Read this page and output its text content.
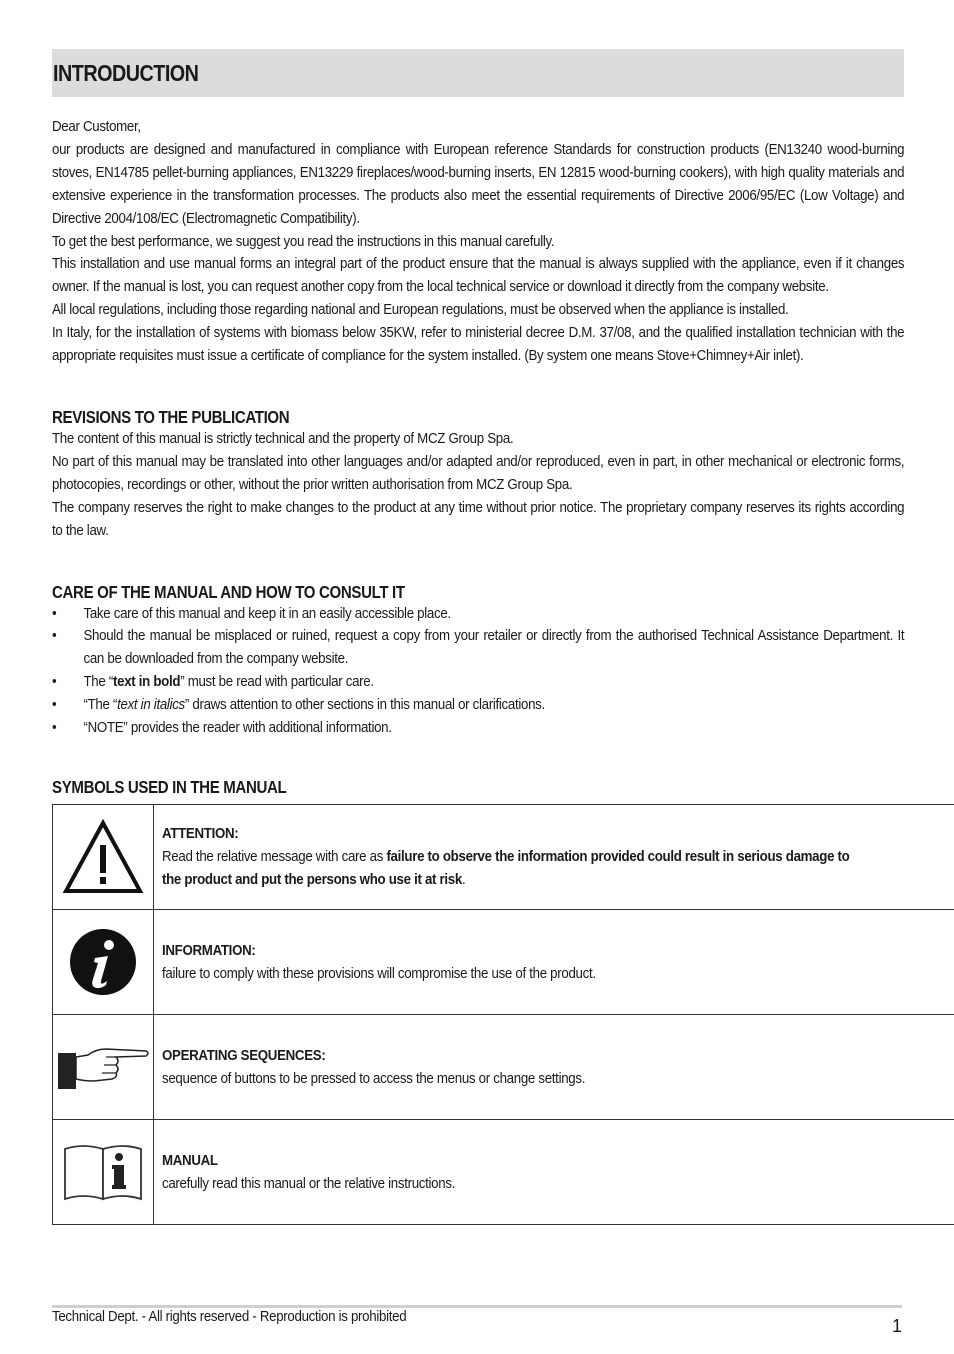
INTRODUCTION

Dear Customer,

our products are designed and manufactured in compliance with European reference Standards for construction products (EN13240 wood-burning stoves, EN14785 pellet-burning appliances, EN13229 fireplaces/wood-burning inserts, EN 12815 wood-burning cookers), with high quality materials and extensive experience in the transformation processes. The products also meet the essential requirements of Directive 2006/95/EC (Low Voltage) and Directive 2004/108/EC (Electromagnetic Compatibility).

To get the best performance, we suggest you read the instructions in this manual carefully.

This installation and use manual forms an integral part of the product ensure that the manual is always supplied with the appliance, even if it changes owner. If the manual is lost, you can request another copy from the local technical service or download it directly from the company website.

All local regulations, including those regarding national and European regulations, must be observed when the appliance is installed.

In Italy, for the installation of systems with biomass below 35KW, refer to ministerial decree D.M. 37/08, and the qualified installation technician with the appropriate requisites must issue a certificate of compliance for the system installed. (By system one means Stove+Chimney+Air inlet).

REVISIONS TO THE PUBLICATION

The content of this manual is strictly technical and the property of MCZ Group Spa.

No part of this manual may be translated into other languages and/or adapted and/or reproduced, even in part, in other mechanical or electronic forms, photocopies, recordings or other, without the prior written authorisation from MCZ Group Spa.

The company reserves the right to make changes to the product at any time without prior notice. The proprietary company reserves its rights according to the law.

CARE OF THE MANUAL AND HOW TO CONSULT IT
• Take care of this manual and keep it in an easily accessible place.
• Should the manual be misplaced or ruined, request a copy from your retailer or directly from the authorised Technical Assistance Department. It can be downloaded from the company website.
• The “text in bold” must be read with particular care.
• “The “text in italics” draws attention to other sections in this manual or clarifications.
• “NOTE” provides the reader with additional information.
SYMBOLS USED IN THE MANUAL

ATTENTION:
Read the relative message with care as failure to observe the information provided could result in serious damage to the product and put the persons who use it at risk.

INFORMATION:
failure to comply with these provisions will compromise the use of the product.

OPERATING SEQUENCES:
sequence of buttons to be pressed to access the menus or change settings.

MANUAL
carefully read this manual or the relative instructions.
Technical Dept. - All rights reserved - Reproduction is prohibited	1
